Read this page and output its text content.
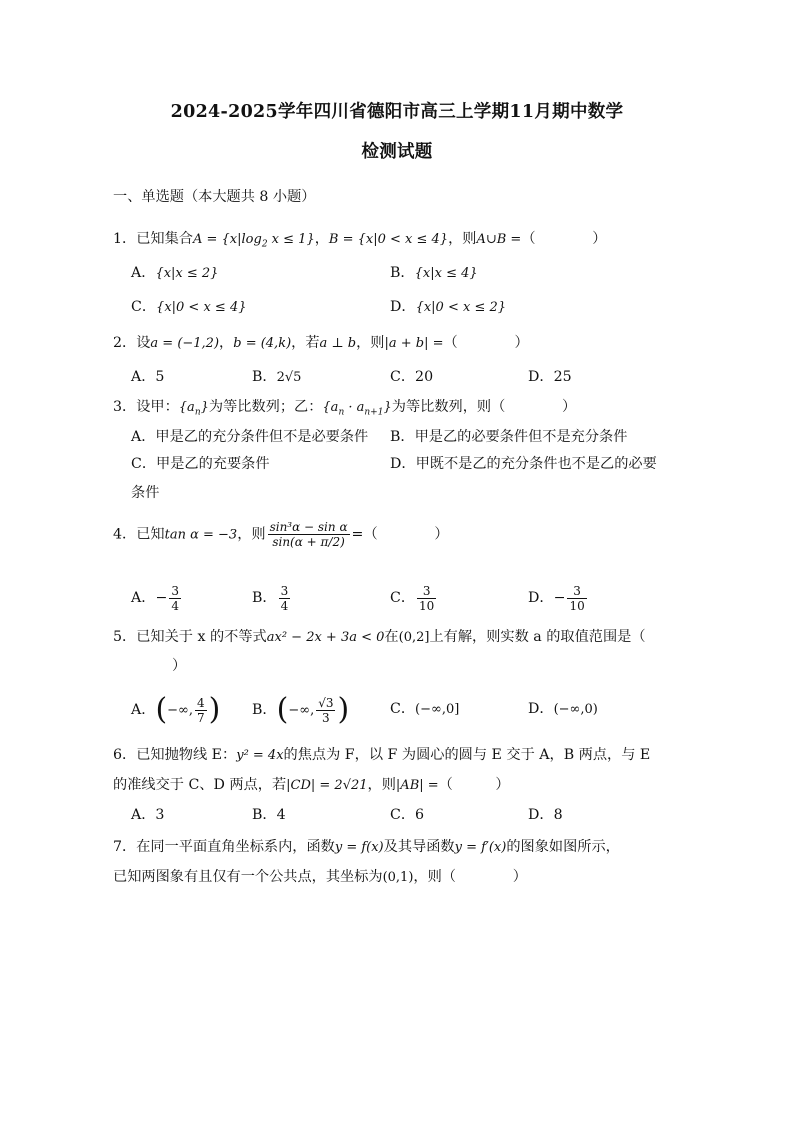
2024-2025学年四川省德阳市高三上学期11月期中数学
检测试题
一、单选题（本大题共 8 小题）
1．已知集合$A = \{x|\log_2$ x ≤ 1}，B = {x|0 < x ≤ 4}，则A∪B =（　　　　）
A．{x|x ≤ 2}	B．{x|x ≤ 4}
C．{x|0 < x ≤ 4}	D．{x|0 < x ≤ 2}
2．设a = (−1,2)，b = (4,k)，若a ⊥ b，则|a + b| =（　　　　）
A．5	B．2√5	C．20	D．25
3．设甲：$\{a_n\}$为等比数列；乙：$\{a_n \cdot a_{n+1}\}$为等比数列，则（　　　　）
A．甲是乙的充分条件但不是必要条件 B．甲是乙的必要条件但不是充分条件
C．甲是乙的充要条件	D．甲既不是乙的充分条件也不是乙的必要
条件
4．已知tan α = −3，则 $\frac{\text{sin³α − sin α}}{\sin(\alpha + \pi/2)}$ =（　　　　）
A．− $\frac{3}{4}$	B． $\frac{3}{4}$	C． $\frac{3}{10}$	D．− $\frac{3}{10}$
5．已知关于 x 的不等式ax² − 2x + 3a < 0在(0,2]上有解，则实数 a 的取值范围是（
）
A．(−∞, $\frac{4}{7}$ ) B．(−∞, $\frac{√3}{3}$ )	C．(−∞,0]	D．(−∞,0)
6．已知抛物线 E：y² = 4x的焦点为 F，以 F 为圆心的圆与 E 交于 A，B 两点，与 E
的准线交于 C、D 两点，若|CD| = 2√21，则|AB| =（　　　）
A．3	B．4	C．6	D．8
7．在同一平面直角坐标系内，函数y = f(x)及其导函数y = f′(x)的图象如图所示，
已知两图象有且仅有一个公共点，其坐标为(0,1)，则（　　　　）
